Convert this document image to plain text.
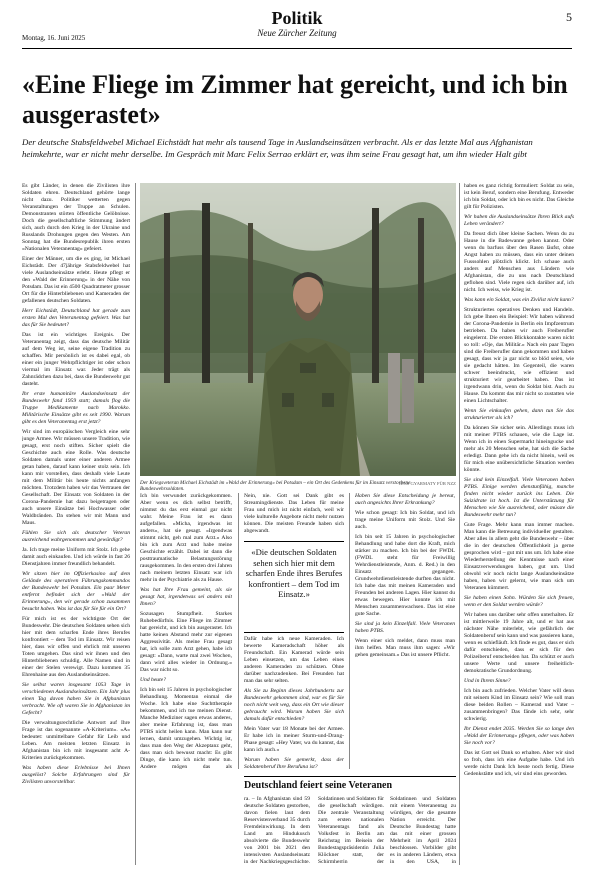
Politik	5
Montag, 16. Juni 2025	Neue Zürcher Zeitung
«Eine Fliege im Zimmer hat gereicht, und ich bin ausgerastet»
Der deutsche Stabsfeldwebel Michael Eichstädt hat mehr als tausend Tage in Auslandseinsätzen verbracht. Als er das letzte Mal aus Afghanistan heimkehrte, war er nicht mehr derselbe. Im Gespräch mit Marc Felix Serrao erklärt er, was ihm seine Frau gesagt hat, um ihn wieder Halt gibt

Es gibt Länder, in denen die Zivilisten ihre Soldaten ehren. Deutschland gehörte lange nicht dazu. Politiker wetterten gegen Veranstaltungen der Truppe an Schulen. Demonstranten störten öffentliche Gelöbnisse. Doch die gesellschaftliche Stimmung ändert sich, auch durch den Krieg in der Ukraine und Russlands Drohungen gegen den Westen. Am Sonntag hat die Bundesrepublik ihren ersten «Nationalen Veteranentag» gefeiert.

Einer der Männer, um die es ging, ist Michael Eichstädt. Der 47jährige Stabsfeldwebel hat viele Auslandseinsätze erlebt. Heute pflegt er den «Wald der Erinnerung» in der Nähe von Potsdam. Das ist ein 4500 Quadratmeter grosser Ort für die Hinterbliebenen und Kameraden der gefallenen deutschen Soldaten.

Herr Eichstädt, Deutschland hat gerade zum ersten Mal den Veteranentag gefeiert. Was hat das für Sie bedeutet?

Das ist ein wichtiges Ereignis. Der Veteranentag zeigt, dass das deutsche Militär auf dem Weg ist, seine eigene Tradition zu schaffen. Mir persönlich ist es dabei egal, ob einer ein junger Wehrpflichtiger ist oder schon viermal im Einsatz war. Jeder trägt als Zahnrädchen dazu bei, dass die Bundeswehr gut dasteht.

Ihr erste humanitäre Auslandseinsatz der Bundeswehr fand 1959 statt; damals flog die Truppe Medikamente nach Marokko. Militärische Einsätze gibt es seit 1990. Warum gibt es den Veteranentag erst jetzt?

Wir sind im europäischen Vergleich eine sehr junge Armee. Wir müssen unsere Tradition, wie gesagt, erst noch stiften. Sicher spielt die Geschichte auch eine Rolle. Was deutsche Soldaten damals unter einer anderen Armee getan haben, darauf kann keiner stolz sein. Ich kann mir vorstellen, dass deshalb viele Leute mit dem Militär bis heute nichts anfangen möchten. Trotzdem haben wir das Vertrauen der Gesellschaft. Der Einsatz von Soldaten in der Corona-Pandemie hat dazu beigetragen oder auch unsere Einsätze bei Hochwasser oder Waldbränden. Da stehen wir mit Mann und Maus.

Fühlen Sie sich als deutscher Veteran ausreichend wahrgenommen und gewürdigt?

Ja. Ich trage meine Uniform mit Stolz. Ich gehe damit auch einkaufen. Und ich würde in fast 26 Dienstjahren immer freundlich behandelt.

Wir sitzen hier im Offizierkasino auf dem Gelände des operativen Führungskommandos der Bundeswehr bei Potsdam. Ein paar Meter entfernt befindet sich der «Wald der Erinnerung», den wir gerade schon zusammen besucht haben. Was ist das für Sie für ein Ort?

Für mich ist es der wichtigste Ort der Bundeswehr. Die deutschen Soldaten sehen sich hier mit dem scharfen Ende ihres Berufes konfrontiert – dem Tod im Einsatz. Wir reisen hier, dass wir offen und ehrlich mit unseren Toten umgehen. Das sind wir ihnen und den Hinterbliebenen schuldig. Alle Namen sind in einer der Stelen verewigt. Dazu kommen 35 Ehrenhaine aus den Auslandseinsätzen.

Sie selbst waren insgesamt 1053 Tage in verschiedenen Auslandseinsätzen. Ein Jahr plus einen Tag davon haben Sie in Afghanistan verbracht. Wie oft waren Sie in Afghanistan im Gefecht?

Die verwaltungsrechtliche Antwort auf Ihre Frage ist das sogenannte «A-Kriterium». «A» bedeutet: unmittelbare Gefahr für Leib und Leben. Am meisten letzten Einsatz in Afghanistan bin ich mit insgesamt acht A-Kriterien zurückgekommen.

Was haben diese Erlebnisse bei Ihnen ausgelöst? Solche Erfahrungen sind für Zivilisten unvorstellbar.

Der Kriegsveteran Michael Eichstädt im «Wald der Erinnerung» bei Potsdam – ein Ort des Gedenkens für im Einsatz verstorbene Bundeswehrsoldaten.
JENS GYARMATY FÜR NZZ

Ich bin verwundet zurückgekommen. Aber wenn es dich selbst betrifft, nimmst du das erst einmal gar nicht wahr. Meine Frau ist es dann aufgefallen. «Micha, irgendwas ist anders», hat sie gesagt. «Irgendwas stimmt nicht, geh mal zum Arzt.» Also bin ich zum Arzt und habe meine Geschichte erzählt. Dabei ist dann die posttraumatische Belastungsstörung rausgekommen. In den ersten drei Jahren nach meinem letzten Einsatz war ich mehr in der Psychiatrie als zu Hause.

Was hat Ihre Frau gemeint, als sie gesagt hat, irgendetwas sei anders mit Ihnen?

Sozusagen Stumpfheit. Starkes Ruhebedürfnis. Eine Fliege im Zimmer hat gereicht, und ich bin ausgerastet. Ich hatte keinen Abstand mehr zur eigenen Aggressivität. Als meine Frau gesagt hat, ich solle zum Arzt gehen, habe ich gesagt: «Dann, warte mal zwei Wochen, dann wird alles wieder in Ordnung.» Das war nicht so.

Und heute?

Ich bin seit 15 Jahren in psychologischer Behandlung. Momentan einmal die Woche. Ich habe eine Suchttherapie bekommen, und ich tue meinen Dienst. Manche Mediziner sagen etwas anderes, aber meine Erfahrung ist, dass man PTBS nicht heilen kann. Man kann nur lernen, damit umzugehen. Wichtig ist, dass man den Weg der Akzeptanz geht, dass man sich bewusst macht: Es gibt Dinge, die kann ich nicht mehr tun. Andere mögen das als

Nein, nie. Gott sei Dank gibt es Streamingdienste. Das Leben für meine Frau und mich ist nicht einfach, weil wir viele kulturelle Angebote nicht mehr nutzen können. Die meisten Freunde haben sich abgewandt.

«Die deutschen Soldaten sehen sich hier mit dem scharfen Ende ihres Berufes konfrontiert – dem Tod im Einsatz.»

Dafür habe ich neue Kameraden. Ich bewerte Kameradschaft höher als Freundschaft. Ein Kamerad würde sein Leben einsetzen, um das Leben eines anderen Kameraden zu schützen. Ohne darüber nachzudenken. Bei Freunden hat man das sehr selten.

Als Sie zu Beginn dieses Jahrhunderts zur Bundeswehr gekommen sind, war es für Sie noch nicht weit weg, dass ein Ort wie dieser gebraucht wird. Warum haben Sie sich damals dafür entschieden?

Mein Vater war 18 Monate bei der Armee. Er habe ich in meiner Sturm-und-Drang-Phase gesagt: «Hey Vater, wa du kannst, das kann ich auch.»

Warum haben Sie gemerkt, dass der Soldatenberuf Ihre Berufung ist?

Haben Sie diese Entscheidung je bereut, auch angesichts Ihrer Erkrankung?

Wie schon gesagt: Ich bin Soldat, und ich trage meine Uniform mit Stolz. Und Sie auch.

Ich bin seit 15 Jahren in psychologischer Behandlung und habe dort die Kraft, mich stärker zu machen. Ich bin bei der FWDL (FWDL steht für Freiwillig Wehrdienstleistende, Anm. d. Red.) in den Einsatz gegangen. Grundwehrdienstleistende durften das nicht. Ich habe das mit meinen Kameraden und Freunden bei anderen Lagen. Hier kannst du etwas bewegen. Hier konnte ich mit Menschen zusammenwachsen. Das ist eine gute Sache.

Sie sind ja kein Einzelfall. Viele Veteranen haben PTBS.

Wenn einer sich meldet, dann muss man ihm helfen. Man muss ihm sagen: «Wir gehen gemeinsam.» Das ist unsere Pflicht.

haben es ganz richtig formuliert: Soldat zu sein, ist kein Beruf, sondern eine Berufung. Entweder ich bin Soldat, oder ich bin es nicht. Das Gleiche gilt für Polizisten.

Wir haben die Auslandseinsätze Ihren Blick aufs Leben verändert?

Da freust dich über kleine Sachen. Wenn du zu Hause in die Badewanne gehen kannst. Oder wenn du barfuss über den Rasen läufst, ohne Angst haben zu müssen, dass ein unter deinen Fusssohlen plötzlich klickt. Ich schaue auch anders auf Menschen aus Ländern wie Afghanistan, die zu uns nach Deutschland geflohen sind. Viele regen sich darüber auf, ich nicht. Ich weiss, wie Krieg ist.

Was kann ein Soldat, was ein Zivilist nicht kann?

Strukturiertes operatives Denken und Handeln. Ich gebe Ihnen ein Beispiel: Wir haben während der Corona-Pandemie in Berlin ein Impfzentrum betrieben. Da haben wir auch Freiberufler eingelernt. Die ersten Blickkontakte waren nicht so toll: «Oje, das Militär.» Nach ein paar Tagen sind die Freiberufler dann gekommen und haben gesagt, dass wir ja gar nicht so blöd seien, wie sie gedacht hätten. Im Gegenteil, die waren schwer beeindruckt, wie effizient und strukturiert wir gearbeitet haben. Das ist irgendwann drin, wenn du Soldat bist. Auch zu Hause. Da kommt das mir nicht so zustatten wie einen Lichtschalter.

Wenn Sie einkaufen gehen, dann tun Sie das strukturierter als ich?

Da können Sie sicher sein. Allerdings muss ich mit meiner PTBS schauen, wie die Lage ist. Wenn ich in einen Supermarkt hineingucke und mehr als 20 Menschen sehe, hat sich die Sache erledigt. Dann gehe ich da nicht hinein, weil es für mich eine unübersichtliche Situation werden könnte.

Sie sind kein Einzelfall. Viele Veteranen haben PTBS. Einige werden dienstunfähig, manche finden nicht wieder zurück ins Leben. Die Suizidrate ist hoch. Ist die Unterstützung für Menschen wie Sie ausreichend, oder müsste die Bundeswehr mehr tun?

Gute Frage. Mehr kann man immer machen. Man kann die Betreuung individueller gestalten. Aber alles in allem geht die Bundeswehr – über die in der deutschen Öffentlichkeit ja gerne gesprochen wird – gut mit uns um. Ich habe eine Wiederherstellung der Kenntnisse nach einer Einsatzverwendungen haben, gut um. Und obwohl wir noch nicht lange Auslandseinsätze haben, haben wir gelernt, wie man sich um Veteranen kümmert.

Sie haben einen Sohn. Würden Sie sich freuen, wenn er den Soldat werden würde?

Wir haben uns darüber sehr offen unterhalten. Er ist mittlerweile 19 Jahre alt, und er hat aus nächster Nähe miterlebt, wie gefährlich der Soldatenberuf sein kann und was passieren kann, wenn es schiefläuft. Ich finde es gut, dass er sich dafür entschieden, dass er sich für den Polizeiberuf entscheiden hat. Da schützt er auch unsere Werte und unsere freiheitlich-demokratische Grundordnung.

Und in Ihrem Sinne?

Ich bin auch zufrieden. Welcher Vater will denn mit seinem Kind im Einsatz sein? Wie soll man diese beiden Rollen – Kamerad und Vater – zusammenbringen? Das fände ich sehr, sehr schwierig.

Ihr Dienst endet 2035. Werden Sie so lange den «Wald der Erinnerung» pflegen, oder was haben Sie noch vor?

Das ist Gott sei Dank so erhalten. Aber wir sind so froh, dass ich eine Aufgabe habe. Und ich werde nicht Dank Ich heute noch fertig. Diese Gedenkstätte und ich, wir sind eins geworden.

Deutschland feiert seine Veteranen
ra. – In Afghanistan sind 59 deutsche Soldaten gestorben, davon fielen laut dem Reservistenverband 35 durch Fremdeinwirkung. In dem Land am Hindukusch absolvierte die Bundeswehr von 2001 bis 2021 den intensivsten Auslandseinsatz in der Nachkriegsgeschichte.
Soldatinnen und Soldaten für die gesellschaft würdigen. Die zentrale Veranstaltung zum ersten nationalen Veteranentags fand als Volksfest in Berlin am Reichstag im Beisein der Bundestagspräsidentin Julia Klöckner statt, der Schirmherrin der
Soldatinnen und Soldaten mit einem Veteranentag zu würdigen, der die gesamte Nation erreicht. Der Deutsche Bundestag hatte das mit einer grossen Mehrheit im April 2024 beschlossen. Vorbilder gibt es in anderen Ländern, etwa in den USA, in
